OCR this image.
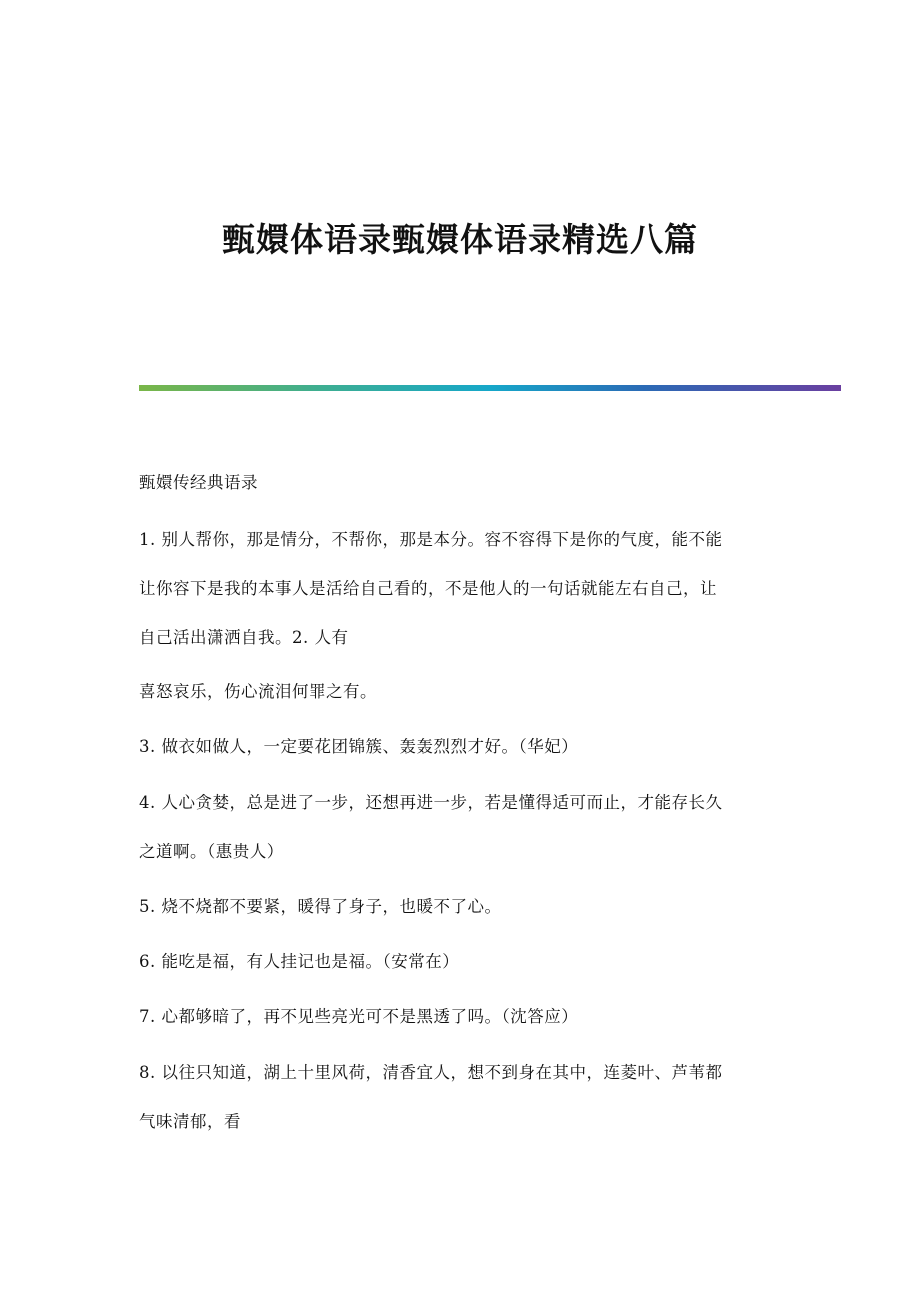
甄嬛体语录甄嬛体语录精选八篇
甄嬛传经典语录
1. 别人帮你，那是情分，不帮你，那是本分。容不容得下是你的气度，能不能
让你容下是我的本事人是活给自己看的，不是他人的一句话就能左右自己，让
自己活出潇洒自我。2. 人有
喜怒哀乐，伤心流泪何罪之有。
3. 做衣如做人，一定要花团锦簇、轰轰烈烈才好。（华妃）
4. 人心贪婪，总是进了一步，还想再进一步，若是懂得适可而止，才能存长久
之道啊。（惠贵人）
5. 烧不烧都不要紧，暖得了身子，也暖不了心。
6. 能吃是福，有人挂记也是福。（安常在）
7. 心都够暗了，再不见些亮光可不是黑透了吗。（沈答应）
8. 以往只知道，湖上十里风荷，清香宜人，想不到身在其中，连菱叶、芦苇都
气味清郁，看
